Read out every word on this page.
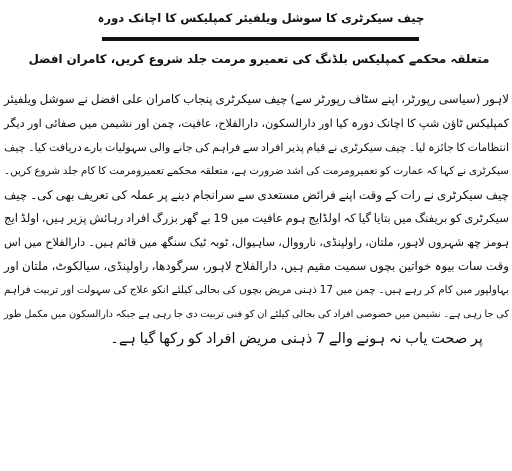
چیف سیکرٹری کا سوشل ویلفیئر کمپلیکس کا اچانک دورہ
متعلقہ محکمے کمپلیکس بلڈنگ کی تعمیرو مرمت جلد شروع کریں، کامران افضل
لاہور (سیاسی رپورٹر، اپنے سٹاف رپورٹر سے) چیف سیکرٹری پنجاب کامران علی افضل نے سوشل ویلفیئر
کمپلیکس ٹاؤن شپ کا اچانک دورہ کیا اور دارالسکون، دارالفلاح، عافیت، چمن اور نشیمن میں صفائی اور دیگر
انتظامات کا جائزہ لیا۔ چیف سیکرٹری نے قیام پذیر افراد سے فراہم کی جانے والی سہولیات بارے دریافت کیا۔ چیف
سیکرٹری نے کہا کہ عمارت کو تعمیرومرمت کی اشد ضرورت ہے، متعلقہ محکمے تعمیرومرمت کا کام جلد شروع کریں۔
چیف سیکرٹری نے رات کے وقت اپنے فرائض مستعدی سے سرانجام دینے پر عملہ کی تعریف بھی کی۔ چیف
سیکرٹری کو بریفنگ میں بتایا گیا کہ اولڈایج ہوم عافیت میں 19 بے گھر بزرگ افراد رہائش پزیر ہیں، اولڈ ایج
ہومز چھ شہروں لاہور، ملتان، راولپنڈی، نارووال، ساہیوال، ٹوبہ ٹیک سنگھ میں قائم ہیں۔ دارالفلاح میں اس
وقت سات بیوہ خواتین بچوں سمیت مقیم ہیں، دارالفلاح لاہور، سرگودھا، راولپنڈی، سیالکوٹ، ملتان اور
بہاولپور میں کام کر رہے ہیں۔ چمن میں 17 ذہنی مریض بچوں کی بحالی کیلئے انکو علاج کی سہولت اور تربیت فراہم
کی جا رہی ہے۔ نشیمن میں خصوصی افراد کی بحالی کیلئے ان کو فنی تربیت دی جا رہی ہے جبکہ دارالسکون میں مکمل طور
پر صحت یاب نہ ہونے والے 7 ذہنی مریض افراد کو رکھا گیا ہے۔
